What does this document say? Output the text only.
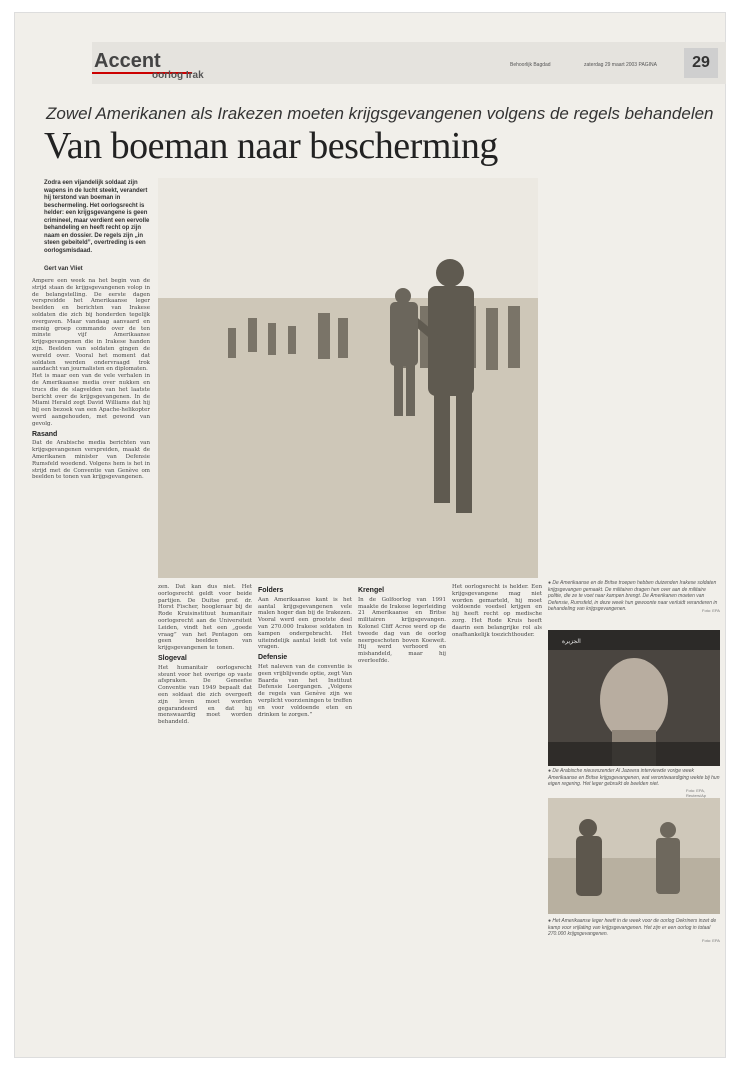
Accent
oorlog Irak
Behoorlijk Bagdad	zaterdag 29 maart 2003 PAGINA	29
Zowel Amerikanen als Irakezen moeten krijgsgevangenen volgens de regels behandelen
Van boeman naar bescherming
Zodra een vijandelijk soldaat zijn wapens in de lucht steekt, verandert hij terstond van boeman in beschermeling. Het oorlogsrecht is helder: een krijgsgevangene is geen crimineel, maar verdient een eervolle behandeling en heeft recht op zijn naam en dossier. De regels zijn „in steen gebeiteld”, overtreding is een oorlogsmisdaad.
Gert van Vliet
Ampere een week na het begin van de strijd staan de krijgsgevangenen volop in de belangstelling. De eerste dagen verspreidde het Amerikaanse leger beelden en berichten van Irakese soldaten die zich bij honderden tegelijk overgaven. Maar vandaag aanvaard en menig groep commando over de ten minste vijf Amerikaanse krijgsgevangenen die in Irakese handen zijn. Beelden van soldaten gingen de wereld over. Vooral het moment dat soldaten werden ondervraagd trok aandacht van journalisten en diplomaten.
Het is maar een van de vele verhalen in de Amerikaanse media over nukken en trucs die de slagvelden van het laatste bericht over de krijgsgevangenen. In de Miami Herald zegt David Williams dat hij bij een bezoek van een Apache-helikopter werd aangehouden, met gewond van gevolg.
Rasand
Dat de Arabische media berichten van krijgsgevangenen verspreiden, maakt de Amerikanen minister van Defensie Rumsfeld woedend. Volgens hem is het in strijd met de Conventie van Genève om beelden te tonen van krijgsgevangenen.
● De Amerikaanse en de Britse troepen hebben duizenden Irakese soldaten krijgsgevangen gemaakt. De militairen dragen hen over aan de militaire politie, die ze te voet naar kampen brengt. De Amerikanen moeten van Defensie, Rumsfeld, in deze week hun gewoonte naar verluidt veranderen in behandeling van krijgsgevangenen.	Foto: EPA
الجزيرة
● De Arabische nieuwszender Al Jazeera interviewde vorige week Amerikaanse en Britse krijgsgevangenen, wat verontwaardiging wekte bij hun eigen regering. Het leger gebruikt de beelden niet.
Foto: EPA, Reuters/Ap
● Het Amerikaanse leger heeft in de week voor de oorlog Oekriners inzet de kamp voor vrijlating van krijgsgevangenen. Het zijn er een oorlog in totaal 270.000 krijgsgevangenen.
Foto: EPA
zen. Dat kan dus niet. Het oorlogsrecht geldt voor beide partijen. De Duitse prof. dr. Horst Fischer, hoogleraar bij de Rode Kruisinstituut humanitair oorlogsrecht aan de Universiteit Leiden, vindt het een „goede vraag” van het Pentagon om geen beelden van krijgsgevangenen te tonen.
Slogeval
Het humanitair oorlogsrecht steunt voor het overige op vaste afspraken. De Geneefse Conventie van 1949 bepaalt dat een soldaat die zich overgeeft zijn leven moet worden gegarandeerd en dat hij menswaardig moet worden behandeld.
Folders
Aan Amerikaanse kant is het aantal krijgsgevangenen vele malen hoger dan bij de Irakezen. Vooral werd een grootste deel van 270.000 Irakese soldaten in kampen ondergebracht. Het uiteindelijk aantal leidt tot vele vragen.
Defensie
Het naleven van de conventie is geen vrijblijvende optie, zegt Van Baarda van het Instituut Defensie Leergangen. „Volgens de regels van Genève zijn we verplicht voorzieningen te treffen en voor voldoende eten en drinken te zorgen.”
Krengel
In de Golfoorlog van 1991 maakte de Irakese legerleiding 21 Amerikaanse en Britse militairen krijgsgevangen. Kolonel Cliff Acree werd op de tweede dag van de oorlog neergeschoten boven Koeweit. Hij werd verhoord en mishandeld, maar hij overleefde.
Het oorlogsrecht is helder. Een krijgsgevangene mag niet worden gemarteld, hij moet voldoende voedsel krijgen en hij heeft recht op medische zorg. Het Rode Kruis heeft daarin een belangrijke rol als onafhankelijk toezichthouder.
